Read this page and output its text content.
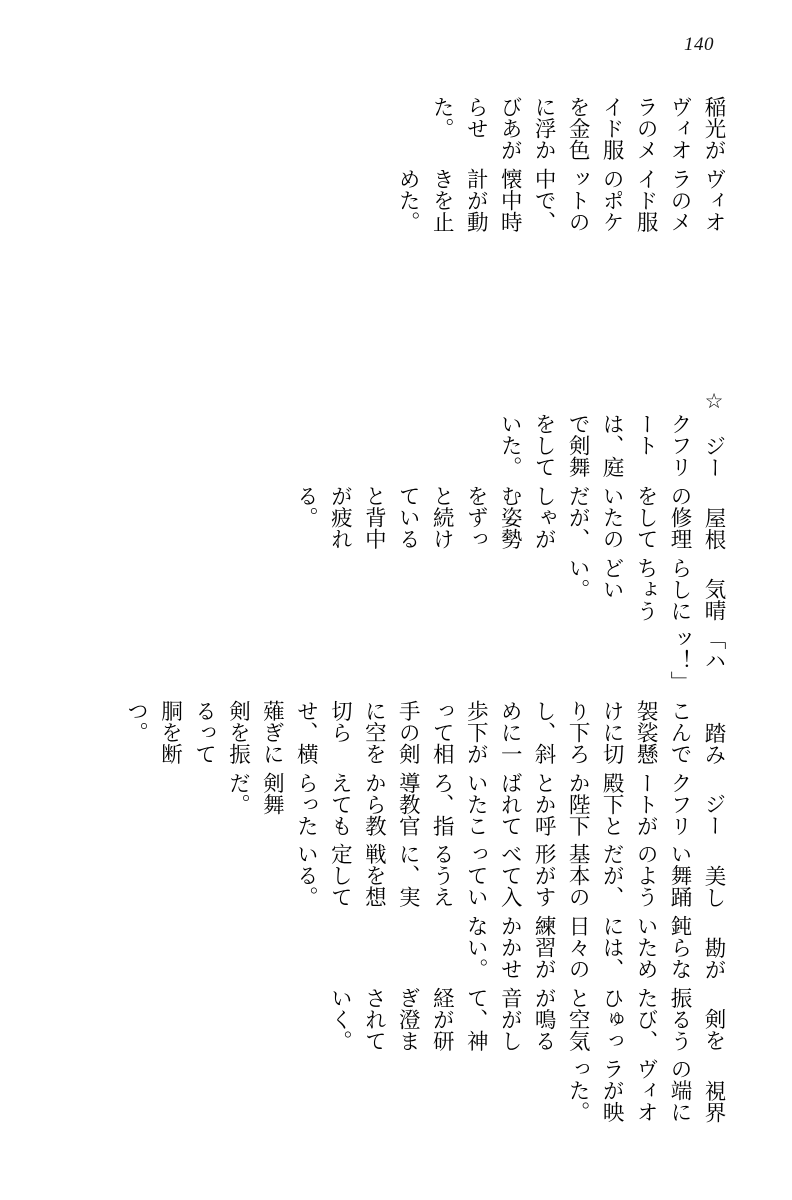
140
稲光がヴィオラのメイド服を金色に浮かびあがらせた。
ヴィオラのメイド服のポケットの中で、懐中時計が動きを止めた。
☆
ジークフリートは、庭で剣舞をしていた。
屋根の修理をしていたのだが、しゃがむ姿勢をずっと続けていると背中が疲れる。
気晴らしにちょうどいい。
「ハッ！」
踏みこんで袈裟懸けに切り下ろし、斜めに一歩下がって相手の剣に空を切らせ、横薙ぎに剣を振るって胴を断つ。
ジークフリートが殿下とか陛下とか呼ばれていたころ、指導教官から教えてもらった剣舞だ。
美しい舞踊のようだが、基本の形がすべて入っているうえに、実戦を想定している。
勘が鈍らないためには、日々の練習がかかせない。
剣を振るうたび、ひゅっと空気が鳴る音がして、神経が研ぎ澄まされていく。
視界の端にヴィオラが映った。
